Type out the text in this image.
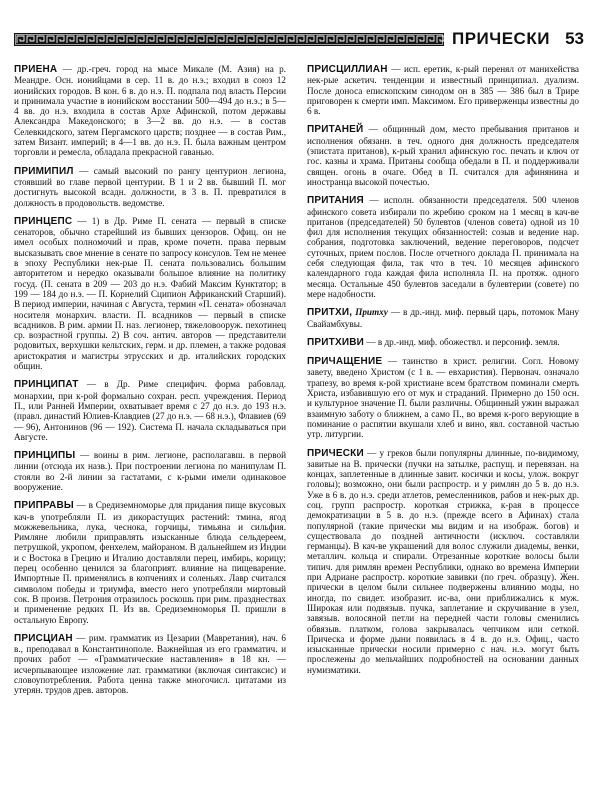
ПРИЧЕСКИ 53

ПРИЕНА — др.-греч. город на мысе Микале (М. Азия) на р. Меандре. Осн. ионийцами в сер. 11 в. до н.э.; входил в союз 12 ионийских городов. В кон. 6 в. до н.э. П. подпала под власть Персии и принимала участие в ионийском восстании 500—494 до н.э.; в 5—4 вв. до н.э. входила в состав Архе Афинской, потом державы Александра Македонского; в 3—2 вв. до н.э. — в состав Селевкидского, затем Пергамского царств; позднее — в состав Рим., затем Визант. империй; в 4—1 вв. до н.э. П. была важным центром торговли и ремесла, обладала прекрасной гаванью.

ПРИМИПИЛ — самый высокий по рангу центурион легиона, стоявший во главе первой центурии. В 1 и 2 вв. бывший П. мог достигнуть высокой всадн. должности, в 3 в. П. превратился в должность в продовольств. ведомстве.

ПРИНЦЕПС — 1) в Др. Риме П. сената — первый в списке сенаторов, обычно старейший из бывших цензоров. Офиц. он не имел особых полномочий и прав, кроме почетн. права первым высказывать свое мнение в сенате по запросу консулов. Тем не менее в эпоху Республики нек-рые П. сената пользовались большим авторитетом и нередко оказывали большое влияние на политику госуд. (П. сената в 209 — 203 до н.э. Фабий Максим Кунктатор; в 199 — 184 до н.э. — П. Корнелий Сципион Африканский Старший). В период империи, начиная с Августа, термин «П. сената» обозначал носителя монархич. власти. П. всадников — первый в списке всадников. В рим. армии П. наз. легионер, тяжеловооруж. пехотинец ср. возрастной группы. 2) В соч. антич. авторов — представители родовитых, верхушки кельтских, герм. и др. племен, а также родовая аристократия и магистры этрусских и др. италийских городских общин.

ПРИНЦИПАТ — в Др. Риме специфич. форма рабовлад. монархии, при к-рой формально сохран. респ. учреждения. Период П., или Ранней Империи, охватывает время с 27 до н.э. до 193 н.э. (правл. династий Юлиев-Клавдиев (27 до н.э. — 68 н.э.), Флавиев (69 — 96), Антонинов (96 — 192). Система П. начала складываться при Августе.

ПРИНЦИПЫ — воины в рим. легионе, располагавш. в первой линии (отсюда их назв.). При построении легиона по манипулам П. стояли во 2-й линии за гастатами, с к-рыми имели одинаковое вооружение.

ПРИПРАВЫ — в Средиземноморье для придания пище вкусовых кач-в употребляли П. из дикорастущих растений: тмина, ягод можжевельника, лука, чеснока, горчицы, тимьяна и сильфия. Римляне любили приправлять изысканные блюда сельдереем, петрушкой, укропом, фенхелем, майораном. В дальнейшем из Индии и с Востока в Грецию и Италию доставляли перец, имбирь, корицу; перец особенно ценился за благоприят. влияние на пищеварение. Импортные П. применялись в копчениях и соленьях. Лавр считался символом победы и триумфа, вместо него употребляли миртовый сок. В произв. Петрония отразилось роскошь при рим. празднествах и применение редких П. Из вв. Средиземноморья П. пришли в остальную Европу.

ПРИСЦИАН — рим. грамматик из Цезарии (Мавретания), нач. 6 в., преподавал в Константинополе. Важнейшая из его грамматич. и прочих работ — «Грамматические наставления» в 18 кн. — исчерпывающее изложение лат. грамматики (включая синтаксис) и словоупотребления. Работа ценна также многочисл. цитатами из утерян. трудов древ. авторов.

ПРИСЦИЛЛИАН — исп. еретик, к-рый перенял от манихейства нек-рые аскетич. тенденции и известный принципиал. дуализм. После доноса епископским синодом он в 385 — 386 был в Трире приговорен к смерти имп. Максимом. Его приверженцы известны до 6 в.

ПРИТАНЕЙ — общинный дом, место пребывания пританов и исполнения обязанн. в теч. одного дня должность председателя (эпистата пританов), к-рый хранил афинскую гос. печать и ключ от гос. казны и храма. Пританы сообща обедали в П. и поддерживали священ. огонь в очаге. Обед в П. считался для афинянина и иностранца высокой почестью.

ПРИТАНИЯ — исполн. обязанности председателя. 500 членов афинского совета избирали по жребию сроком на 1 месяц в кач-ве пританов (председателей) 50 булевтов (членов совета) одной из 10 фил для исполнения текущих обязанностей: созыв и ведение нар. собрания, подготовка заключений, ведение переговоров, подсчет суточных, прием послов. После отчетного доклада П. принимала на себя следующая фила, так что в теч. 10 месяцев афинского календарного года каждая фила исполняла П. на протяж. одного месяца. Остальные 450 булевтов заседали в булевтерии (совете) по мере надобности.

ПРИТХИ, Притху — в др.-инд. миф. первый царь, потомок Ману Свайамбхувы.

ПРИТХИВИ — в др.-инд. миф. обожествл. и персониф. земля.

ПРИЧАЩЕНИЕ — таинство в христ. религии. Согл. Новому завету, введено Христом (с 1 в. — евхаристия). Первонач. означало трапезу, во время к-рой христиане всем братством поминали смерть Христа, избавившую его от мук и страданий. Примерно до 150 осн. и культурное значение П. были различны. Общинный ужин выражал взаимную заботу о ближнем, а само П., во время к-рого верующие в поминание о распятии вкушали хлеб и вино, явл. составной частью утр. литургии.

ПРИЧЕСКИ — у греков были популярны длинные, по-видимому, завитые на В. прически (пучки на затылке, распущ. и перевязан. на концах, заплетенные в длинные завит. косички и косы, улож. вокруг головы); возможно, они были распростр. и у римлян до 5 в. до н.э. Уже в 6 в. до н.э. среди атлетов, ремесленников, рабов и нек-рых др. соц. групп распростр. короткая стрижка, к-рая в процессе демократизации в 5 в. до н.э. (прежде всего в Афинах) стала популярной (такие прически мы видим и на изображ. богов) и существовала до поздней античности (исключ. составляли германцы). В кач-ве украшений для волос служили диадемы, венки, металлич. кольца и спирали. Отрезанные короткие волосы были типич. для римлян времен Республики, однако во времена Империи при Адриане распростр. короткие завивки (по греч. образцу). Жен. прически в целом были сильнее подвержены влиянию моды, но иногда, по свидет. изобразит. ис-ва, они приближались к муж. Широкая или подвязыв. пучка, заплетание и скручивание в узел, завязыв. волосяной петли на передней части головы сменились обвязыв. платком, голова закрывалась чепчиком или сеткой. Прическа и форме дыни появилась в 4 в. до н.э. Офиц., часто изысканные прически носили примерно с нач. н.э. могут быть прослежены до мельчайших подробностей на основании данных нумизматики.
